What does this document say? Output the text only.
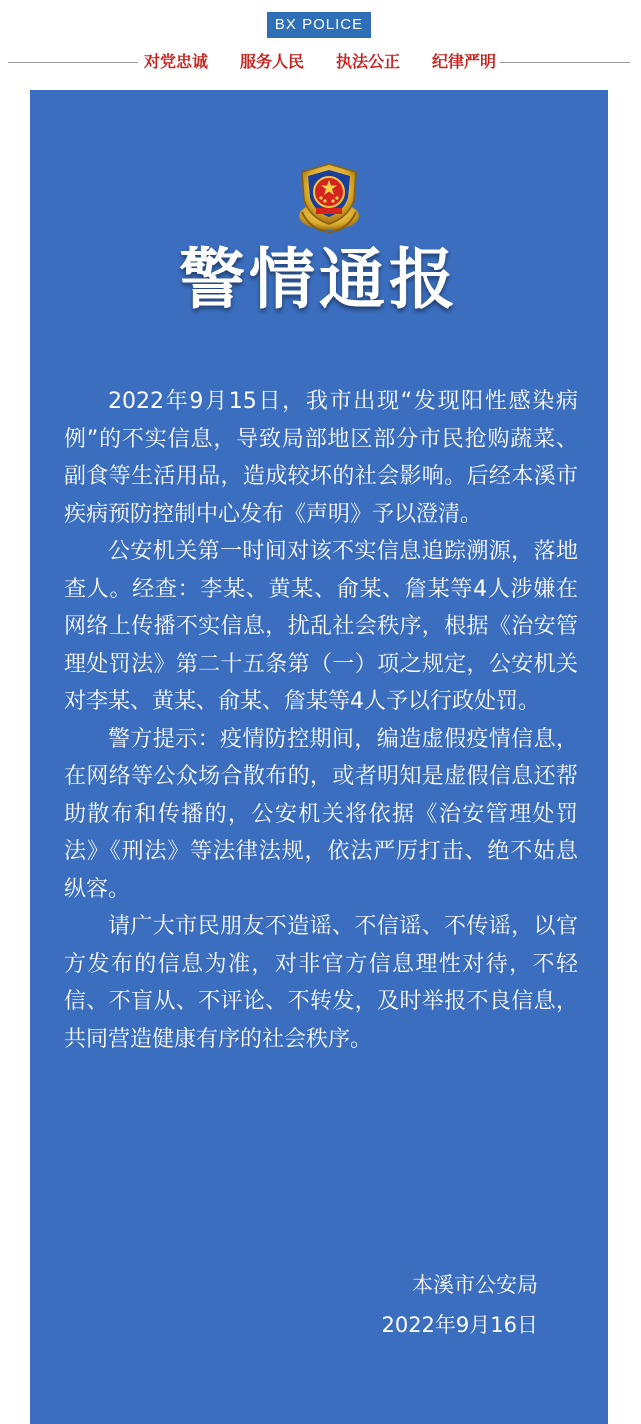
BX POLICE
对党忠诚 服务人民 执法公正 纪律严明
警情通报

2022年9月15日，我市出现“发现阳性感染病例”的不实信息，导致局部地区部分市民抢购蔬菜、副食等生活用品，造成较坏的社会影响。后经本溪市疾病预防控制中心发布《声明》予以澄清。

公安机关第一时间对该不实信息追踪溯源，落地查人。经查：李某、黄某、俞某、詹某等4人涉嫌在网络上传播不实信息，扰乱社会秩序，根据《治安管理处罚法》第二十五条第（一）项之规定，公安机关对李某、黄某、俞某、詹某等4人予以行政处罚。

警方提示：疫情防控期间，编造虚假疫情信息，在网络等公众场合散布的，或者明知是虚假信息还帮助散布和传播的，公安机关将依据《治安管理处罚法》《刑法》等法律法规，依法严厉打击、绝不姑息纵容。

请广大市民朋友不造谣、不信谣、不传谣，以官方发布的信息为准，对非官方信息理性对待，不轻信、不盲从、不评论、不转发，及时举报不良信息，共同营造健康有序的社会秩序。

本溪市公安局
2022年9月16日
